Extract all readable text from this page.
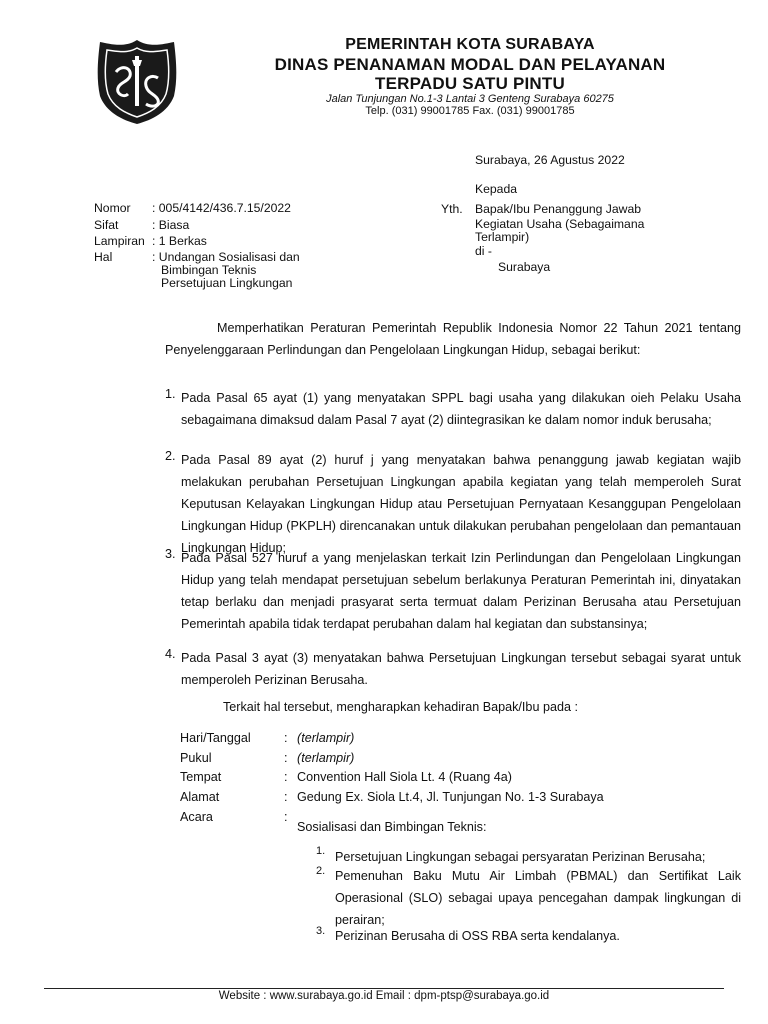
PEMERINTAH KOTA SURABAYA
DINAS PENANAMAN MODAL DAN PELAYANAN
TERPADU SATU PINTU
Jalan Tunjungan No.1-3 Lantai 3 Genteng Surabaya 60275
Telp. (031) 99001785 Fax. (031) 99001785
Surabaya, 26 Agustus 2022
Kepada
Yth. Bapak/Ibu Penanggung Jawab
Kegiatan Usaha (Sebagaimana
Terlampir)
di -
Surabaya
Nomor : 005/4142/436.7.15/2022
Sifat	: Biasa
Lampiran : 1 Berkas
Hal	: Undangan Sosialisasi dan
Bimbingan Teknis
Persetujuan Lingkungan
Memperhatikan Peraturan Pemerintah Republik Indonesia Nomor 22 Tahun 2021 tentang Penyelenggaraan Perlindungan dan Pengelolaan Lingkungan Hidup, sebagai berikut:
1. Pada Pasal 65 ayat (1) yang menyatakan SPPL bagi usaha yang dilakukan oieh Pelaku Usaha sebagaimana dimaksud dalam Pasal 7 ayat (2) diintegrasikan ke dalam nomor induk berusaha;
2. Pada Pasal 89 ayat (2) huruf j yang menyatakan bahwa penanggung jawab kegiatan wajib melakukan perubahan Persetujuan Lingkungan apabila kegiatan yang telah memperoleh Surat Keputusan Kelayakan Lingkungan Hidup atau Persetujuan Pernyataan Kesanggupan Pengelolaan Lingkungan Hidup (PKPLH) direncanakan untuk dilakukan perubahan pengelolaan dan pemantauan Lingkungan Hidup;
3. Pada Pasal 527 huruf a yang menjelaskan terkait Izin Perlindungan dan Pengelolaan Lingkungan Hidup yang telah mendapat persetujuan sebelum berlakunya Peraturan Pemerintah ini, dinyatakan tetap berlaku dan menjadi prasyarat serta termuat dalam Perizinan Berusaha atau Persetujuan Pemerintah apabila tidak terdapat perubahan dalam hal kegiatan dan substansinya;
4. Pada Pasal 3 ayat (3) menyatakan bahwa Persetujuan Lingkungan tersebut sebagai syarat untuk memperoleh Perizinan Berusaha.
Terkait hal tersebut, mengharapkan kehadiran Bapak/Ibu pada :
Hari/Tanggal	: (terlampir)
Pukul	: (terlampir)
Tempat	: Convention Hall Siola Lt. 4 (Ruang 4a)
Alamat	: Gedung Ex. Siola Lt.4, Jl. Tunjungan No. 1-3 Surabaya
Acara	:
Sosialisasi dan Bimbingan Teknis:
1. Persetujuan Lingkungan sebagai persyaratan Perizinan Berusaha;
2. Pemenuhan Baku Mutu Air Limbah (PBMAL) dan Sertifikat Laik Operasional (SLO) sebagai upaya pencegahan dampak lingkungan di perairan;
3. Perizinan Berusaha di OSS RBA serta kendalanya.
Website : www.surabaya.go.id Email : dpm-ptsp@surabaya.go.id
